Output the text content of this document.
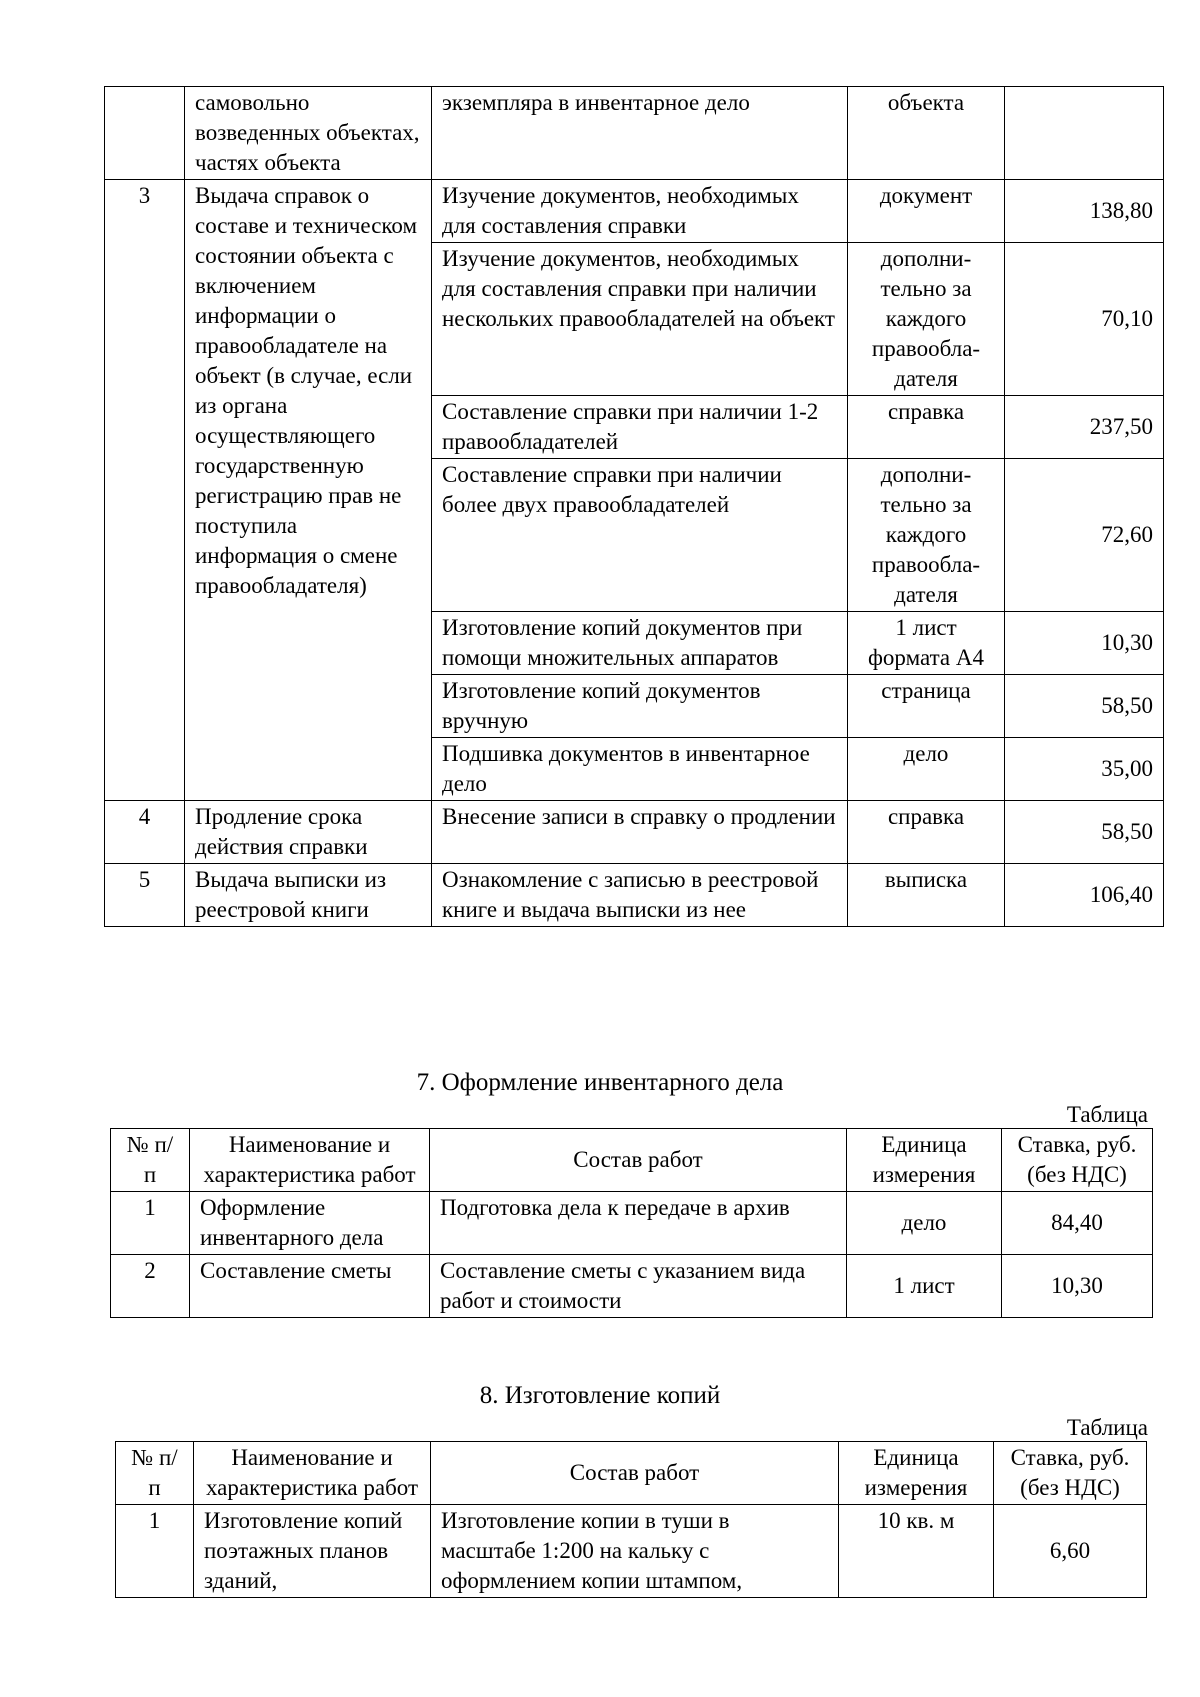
	самовольно возведенных объектах, частях объекта	экземпляра в инвентарное дело	объекта	
3	Выдача справок о составе и техническом состоянии объекта с включением информации о правообладателе на объект (в случае, если из органа осуществляющего государственную регистрацию прав не поступила информация о смене правообладателя)	Изучение документов, необходимых для составления справки	документ	138,80
		Изучение документов, необходимых для составления справки при наличии нескольких правообладателей на объект	дополни-
тельно за каждого правообла-
дателя	70,10
		Составление справки при наличии 1-2 правообладателей	справка	237,50
		Составление справки при наличии более двух правообладателей	дополни-
тельно за каждого правообла-
дателя	72,60
		Изготовление копий документов при помощи множительных аппаратов	1 лист формата А4	10,30
		Изготовление копий документов вручную	страница	58,50
		Подшивка документов в инвентарное дело	дело	35,00
4	Продление срока действия справки	Внесение записи в справку о продлении	справка	58,50
5	Выдача выписки из реестровой книги	Ознакомление с записью в реестровой книге и выдача выписки из нее	выписка	106,40
7. Оформление инвентарного дела
Таблица
№ п/п	Наименование и характеристика работ	Состав работ	Единица измерения	Ставка, руб. (без НДС)
1	Оформление инвентарного дела	Подготовка дела к передаче в архив	дело	84,40
2	Составление сметы	Составление сметы с указанием вида работ и стоимости	1 лист	10,30
8. Изготовление копий
Таблица
№ п/п	Наименование и характеристика работ	Состав работ	Единица измерения	Ставка, руб. (без НДС)
1	Изготовление копий поэтажных планов зданий,	Изготовление копии в туши в масштабе 1:200 на кальку с оформлением копии штампом,	10 кв. м	6,60
